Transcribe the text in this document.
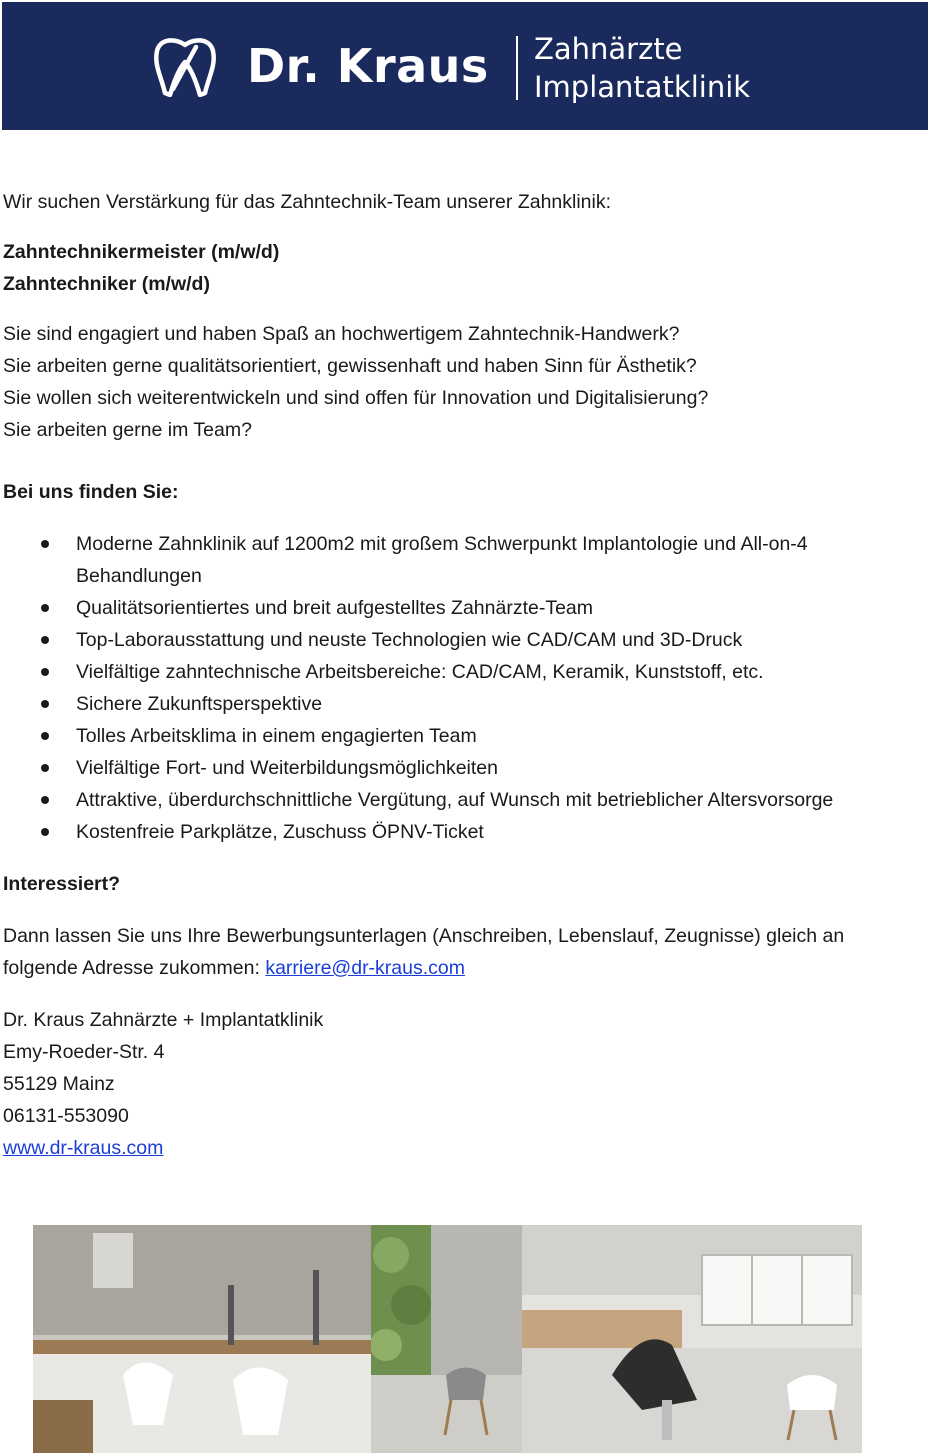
Dr. Kraus Zahnärzte
Implantatklinik

Wir suchen Verstärkung für das Zahntechnik-Team unserer Zahnklinik:

Zahntechnikermeister (m/w/d)

Zahntechniker (m/w/d)

Sie sind engagiert und haben Spaß an hochwertigem Zahntechnik-Handwerk?

Sie arbeiten gerne qualitätsorientiert, gewissenhaft und haben Sinn für Ästhetik?

Sie wollen sich weiterentwickeln und sind offen für Innovation und Digitalisierung?

Sie arbeiten gerne im Team?

Bei uns finden Sie:

Moderne Zahnklinik auf 1200m2 mit großem Schwerpunkt Implantologie und All-on-4 Behandlungen
Qualitätsorientiertes und breit aufgestelltes Zahnärzte-Team
Top-Laborausstattung und neuste Technologien wie CAD/CAM und 3D-Druck
Vielfältige zahntechnische Arbeitsbereiche: CAD/CAM, Keramik, Kunststoff, etc.
Sichere Zukunftsperspektive
Tolles Arbeitsklima in einem engagierten Team
Vielfältige Fort- und Weiterbildungsmöglichkeiten
Attraktive, überdurchschnittliche Vergütung, auf Wunsch mit betrieblicher Altersvorsorge
Kostenfreie Parkplätze, Zuschuss ÖPNV-Ticket

Interessiert?

Dann lassen Sie uns Ihre Bewerbungsunterlagen (Anschreiben, Lebenslauf, Zeugnisse) gleich an folgende Adresse zukommen: karriere@dr-kraus.com

Dr. Kraus Zahnärzte + Implantatklinik

Emy-Roeder-Str. 4

55129 Mainz

06131-553090

www.dr-kraus.com
